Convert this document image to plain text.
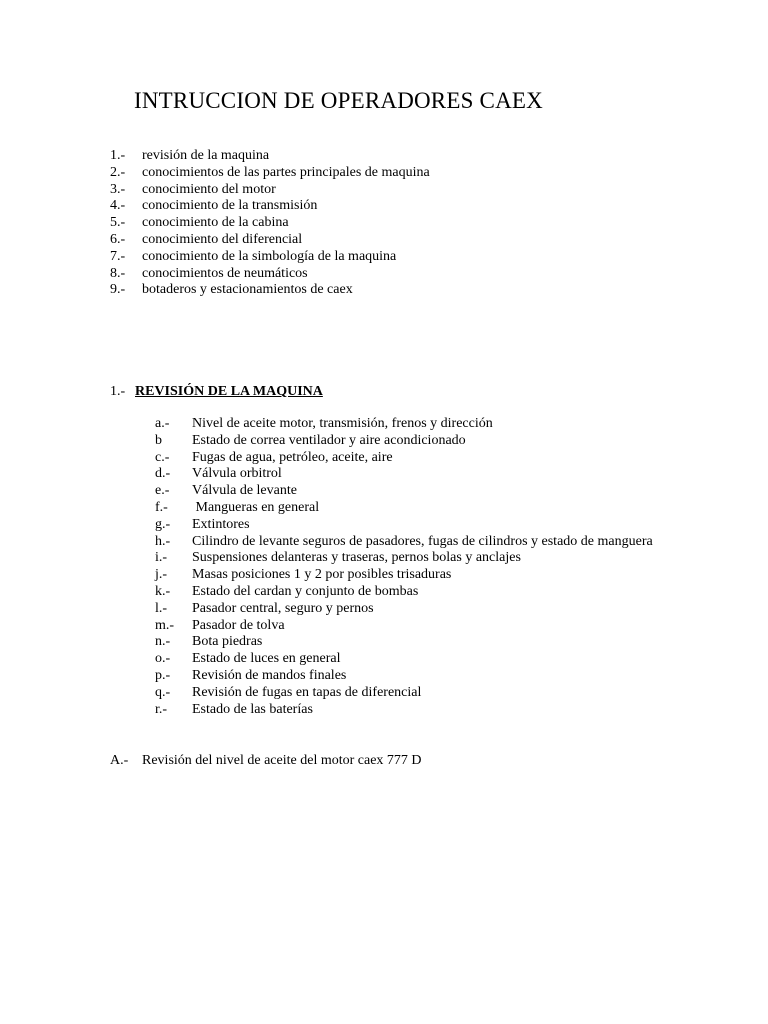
INTRUCCION DE OPERADORES CAEX
1.- revisión de la maquina
2.- conocimientos de las partes principales de maquina
3.- conocimiento del motor
4.- conocimiento de la transmisión
5.- conocimiento de la cabina
6.- conocimiento del diferencial
7.- conocimiento de la simbología de la maquina
8.- conocimientos de neumáticos
9.- botaderos y estacionamientos de caex

1.- REVISIÓN DE LA MAQUINA

a.- Nivel de aceite motor, transmisión, frenos y dirección
b Estado de correa ventilador y aire acondicionado
c.- Fugas de agua, petróleo, aceite, aire
d.- Válvula orbitrol
e.- Válvula de levante
f.- Mangueras en general
g.- Extintores
h.- Cilindro de levante seguros de pasadores, fugas de cilindros y estado de manguera
i.- Suspensiones delanteras y traseras, pernos bolas y anclajes
j.- Masas posiciones 1 y 2 por posibles trisaduras
k.- Estado del cardan y conjunto de bombas
l.- Pasador central, seguro y pernos
m.- Pasador de tolva
n.- Bota piedras
o.- Estado de luces en general
p.- Revisión de mandos finales
q.- Revisión de fugas en tapas de diferencial
r.- Estado de las baterías

A.- Revisión del nivel de aceite del motor caex 777 D
